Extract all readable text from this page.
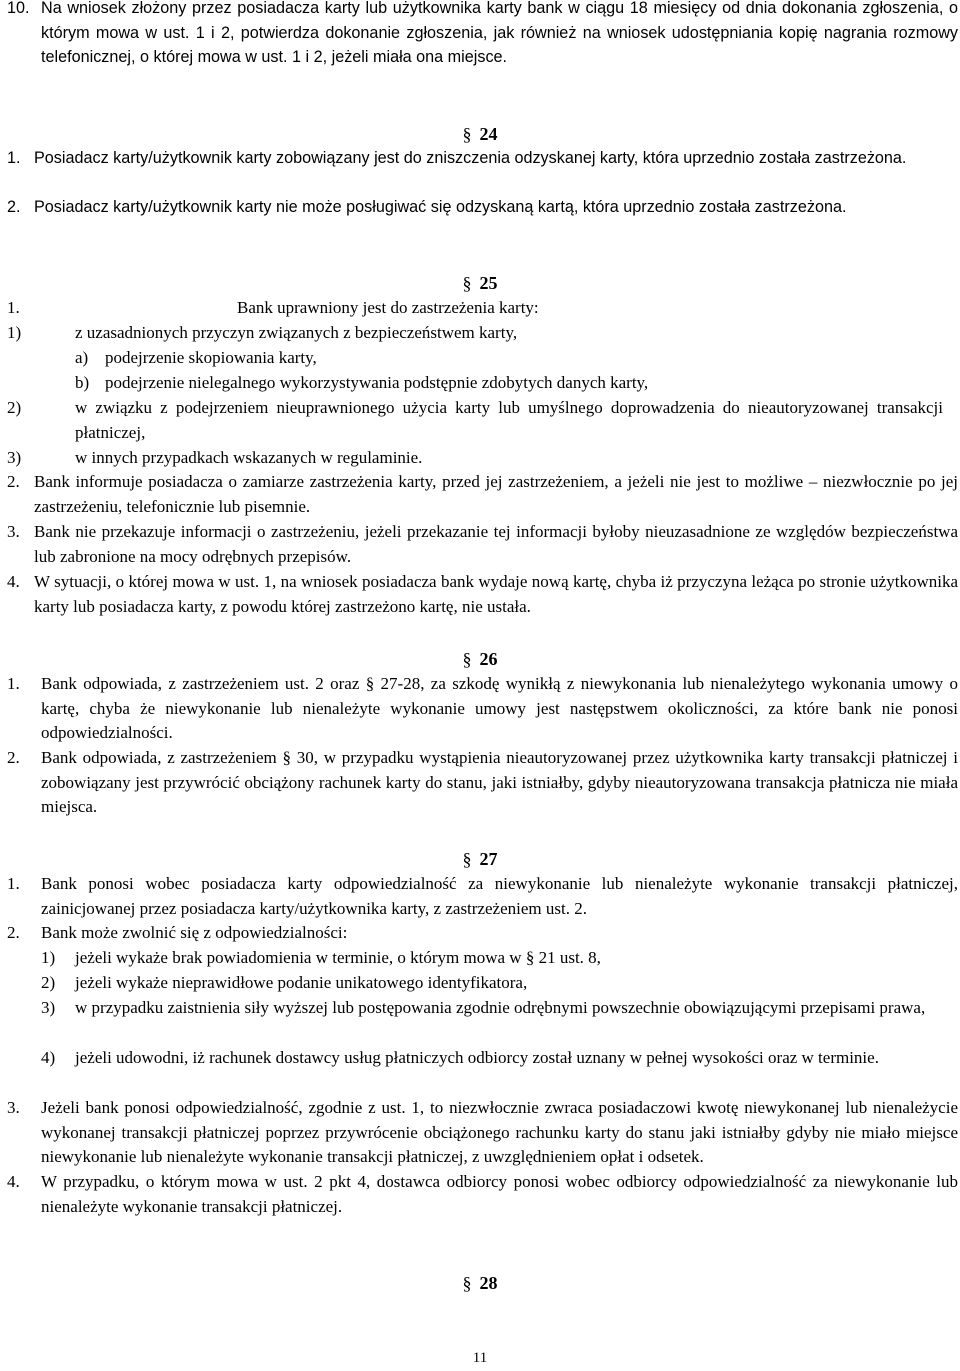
10. Na wniosek złożony przez posiadacza karty lub użytkownika karty bank w ciągu 18 miesięcy od dnia dokonania zgłoszenia, o którym mowa w ust. 1 i 2, potwierdza dokonanie zgłoszenia, jak również na wniosek udostępniania kopię nagrania rozmowy telefonicznej, o której mowa w ust. 1 i 2, jeżeli miała ona miejsce.
§ 24
1. Posiadacz karty/użytkownik karty zobowiązany jest do zniszczenia odzyskanej karty, która uprzednio została zastrzeżona.
2. Posiadacz karty/użytkownik karty nie może posługiwać się odzyskaną kartą, która uprzednio została zastrzeżona.
§ 25
1.	Bank uprawniony jest do zastrzeżenia karty:
1)	z uzasadnionych przyczyn związanych z bezpieczeństwem karty,
a) podejrzenie skopiowania karty,
b) podejrzenie nielegalnego wykorzystywania podstępnie zdobytych danych karty,
2)	w związku z podejrzeniem nieuprawnionego użycia karty lub umyślnego doprowadzenia do nieautoryzowanej transakcji płatniczej,
3)	w innych przypadkach wskazanych w regulaminie.
2. Bank informuje posiadacza o zamiarze zastrzeżenia karty, przed jej zastrzeżeniem, a jeżeli nie jest to możliwe – niezwłocznie po jej zastrzeżeniu, telefonicznie lub pisemnie.
3. Bank nie przekazuje informacji o zastrzeżeniu, jeżeli przekazanie tej informacji byłoby nieuzasadnione ze względów bezpieczeństwa lub zabronione na mocy odrębnych przepisów.
4. W sytuacji, o której mowa w ust. 1, na wniosek posiadacza bank wydaje nową kartę, chyba iż przyczyna leżąca po stronie użytkownika karty lub posiadacza karty, z powodu której zastrzeżono kartę, nie ustała.
§ 26
1. Bank odpowiada, z zastrzeżeniem ust. 2 oraz § 27-28, za szkodę wynikłą z niewykonania lub nienależytego wykonania umowy o kartę, chyba że niewykonanie lub nienależyte wykonanie umowy jest następstwem okoliczności, za które bank nie ponosi odpowiedzialności.
2. Bank odpowiada, z zastrzeżeniem § 30, w przypadku wystąpienia nieautoryzowanej przez użytkownika karty transakcji płatniczej i zobowiązany jest przywrócić obciążony rachunek karty do stanu, jaki istniałby, gdyby nieautoryzowana transakcja płatnicza nie miała miejsca.
§ 27
1. Bank ponosi wobec posiadacza karty odpowiedzialność za niewykonanie lub nienależyte wykonanie transakcji płatniczej, zainicjowanej przez posiadacza karty/użytkownika karty, z zastrzeżeniem ust. 2.
2. Bank może zwolnić się z odpowiedzialności:
1) jeżeli wykaże brak powiadomienia w terminie, o którym mowa w § 21 ust. 8,
2) jeżeli wykaże nieprawidłowe podanie unikatowego identyfikatora,
3) w przypadku zaistnienia siły wyższej lub postępowania zgodnie odrębnymi powszechnie obowiązującymi przepisami prawa,
4) jeżeli udowodni, iż rachunek dostawcy usług płatniczych odbiorcy został uznany w pełnej wysokości oraz w terminie.
3. Jeżeli bank ponosi odpowiedzialność, zgodnie z ust. 1, to niezwłocznie zwraca posiadaczowi kwotę niewykonanej lub nienależycie wykonanej transakcji płatniczej poprzez przywrócenie obciążonego rachunku karty do stanu jaki istniałby gdyby nie miało miejsce niewykonanie lub nienależyte wykonanie transakcji płatniczej, z uwzględnieniem opłat i odsetek.
4. W przypadku, o którym mowa w ust. 2 pkt 4, dostawca odbiorcy ponosi wobec odbiorcy odpowiedzialność za niewykonanie lub nienależyte wykonanie transakcji płatniczej.
§ 28
11
